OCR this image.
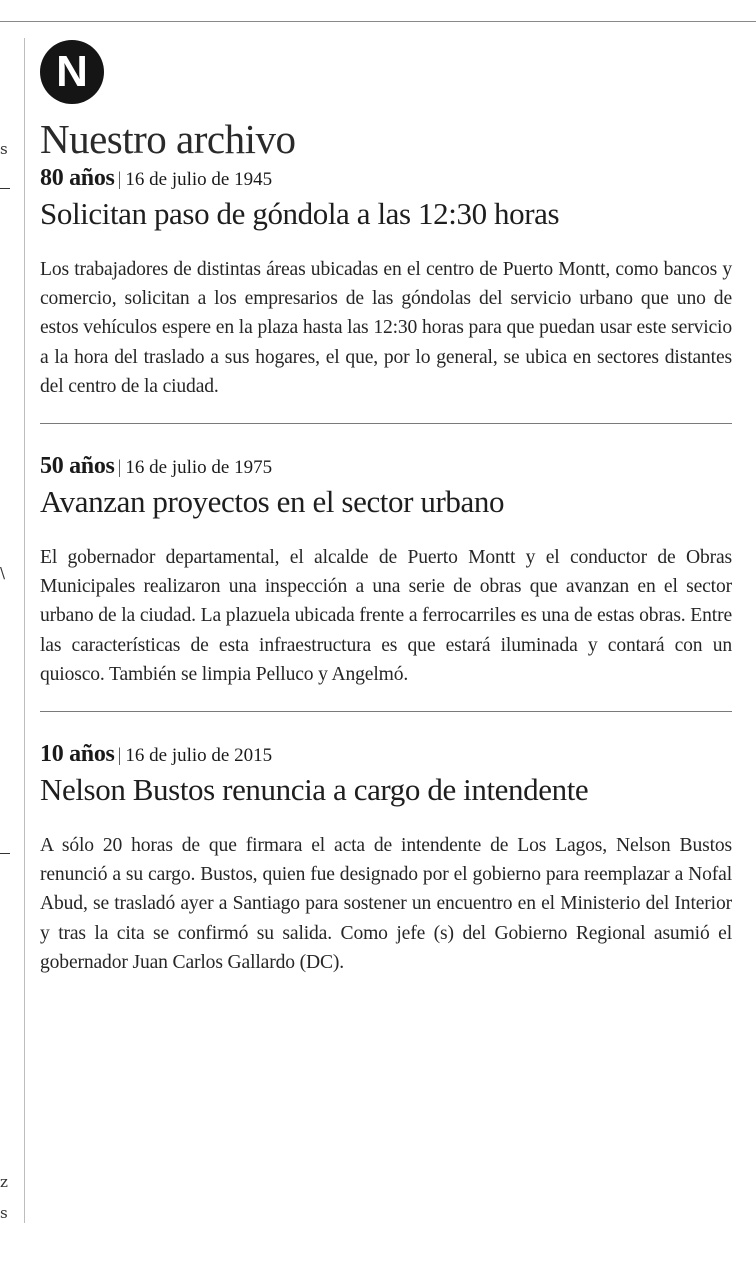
s
\
z
s
N
Nuestro archivo
80 años | 16 de julio de 1945
Solicitan paso de góndola a las 12:30 horas
Los trabajadores de distintas áreas ubicadas en el centro de Puerto Montt, como bancos y comercio, solicitan a los empresarios de las góndolas del servicio urbano que uno de estos vehículos espere en la plaza hasta las 12:30 horas para que puedan usar este servicio a la hora del traslado a sus hogares, el que, por lo general, se ubica en sectores distantes del centro de la ciudad.
50 años | 16 de julio de 1975
Avanzan proyectos en el sector urbano
El gobernador departamental, el alcalde de Puerto Montt y el conductor de Obras Municipales realizaron una inspección a una serie de obras que avanzan en el sector urbano de la ciudad. La plazuela ubicada frente a ferrocarriles es una de estas obras. Entre las características de esta infraestructura es que estará iluminada y contará con un quiosco. También se limpia Pelluco y Angelmó.
10 años | 16 de julio de 2015
Nelson Bustos renuncia a cargo de intendente
A sólo 20 horas de que firmara el acta de intendente de Los Lagos, Nelson Bustos renunció a su cargo. Bustos, quien fue designado por el gobierno para reemplazar a Nofal Abud, se trasladó ayer a Santiago para sostener un encuentro en el Ministerio del Interior y tras la cita se confirmó su salida. Como jefe (s) del Gobierno Regional asumió el gobernador Juan Carlos Gallardo (DC).
